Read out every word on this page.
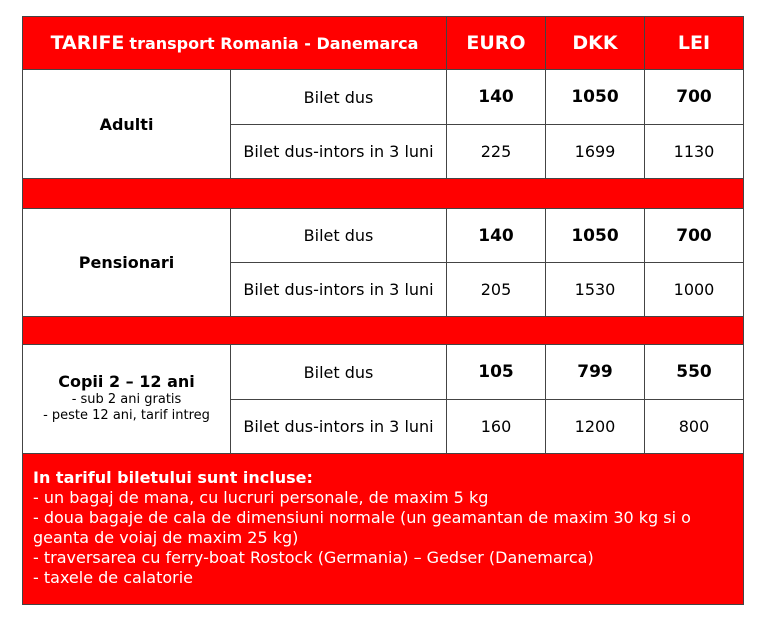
TARIFE transport Romania - Danemarca	EURO	DKK	LEI
Adulti
Bilet dus	140	1050	700
Bilet dus-intors in 3 luni	225	1699	1130
Pensionari
Bilet dus	140	1050	700
Bilet dus-intors in 3 luni	205	1530	1000
Copii 2 – 12 ani
- sub 2 ani gratis
- peste 12 ani, tarif intreg
Bilet dus	105	799	550
Bilet dus-intors in 3 luni	160	1200	800
In tariful biletului sunt incluse:
- un bagaj de mana, cu lucruri personale, de maxim 5 kg
- doua bagaje de cala de dimensiuni normale (un geamantan de maxim 30 kg si o geanta de voiaj de maxim 25 kg)
- traversarea cu ferry-boat Rostock (Germania) – Gedser (Danemarca)
- taxele de calatorie
